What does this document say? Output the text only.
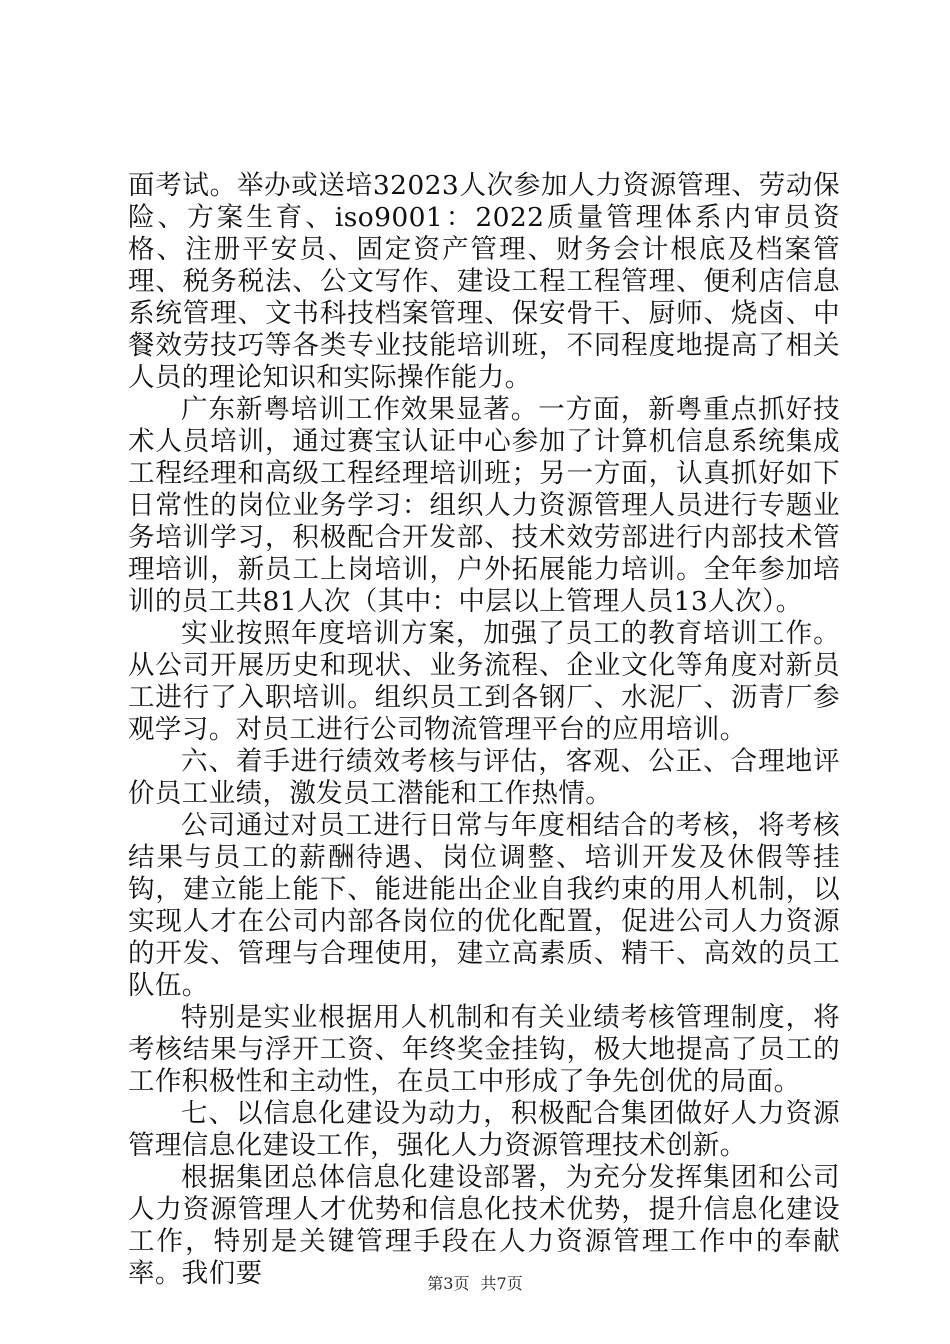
面考试。举办或送培32023人次参加人力资源管理、劳动保险、方案生育、iso9001：2022质量管理体系内审员资格、注册平安员、固定资产管理、财务会计根底及档案管理、税务税法、公文写作、建设工程工程管理、便利店信息系统管理、文书科技档案管理、保安骨干、厨师、烧卤、中餐效劳技巧等各类专业技能培训班，不同程度地提高了相关人员的理论知识和实际操作能力。

广东新粤培训工作效果显著。一方面，新粤重点抓好技术人员培训，通过赛宝认证中心参加了计算机信息系统集成工程经理和高级工程经理培训班；另一方面，认真抓好如下日常性的岗位业务学习：组织人力资源管理人员进行专题业务培训学习，积极配合开发部、技术效劳部进行内部技术管理培训，新员工上岗培训，户外拓展能力培训。全年参加培训的员工共81人次（其中：中层以上管理人员13人次）。

实业按照年度培训方案，加强了员工的教育培训工作。从公司开展历史和现状、业务流程、企业文化等角度对新员工进行了入职培训。组织员工到各钢厂、水泥厂、沥青厂参观学习。对员工进行公司物流管理平台的应用培训。

六、着手进行绩效考核与评估，客观、公正、合理地评价员工业绩，激发员工潜能和工作热情。

公司通过对员工进行日常与年度相结合的考核，将考核结果与员工的薪酬待遇、岗位调整、培训开发及休假等挂钩，建立能上能下、能进能出企业自我约束的用人机制，以实现人才在公司内部各岗位的优化配置，促进公司人力资源的开发、管理与合理使用，建立高素质、精干、高效的员工队伍。

特别是实业根据用人机制和有关业绩考核管理制度，将考核结果与浮开工资、年终奖金挂钩，极大地提高了员工的工作积极性和主动性，在员工中形成了争先创优的局面。

七、以信息化建设为动力，积极配合集团做好人力资源管理信息化建设工作，强化人力资源管理技术创新。

根据集团总体信息化建设部署，为充分发挥集团和公司人力资源管理人才优势和信息化技术优势，提升信息化建设工作，特别是关键管理手段在人力资源管理工作中的奉献率。我们要	第3页 共7页
